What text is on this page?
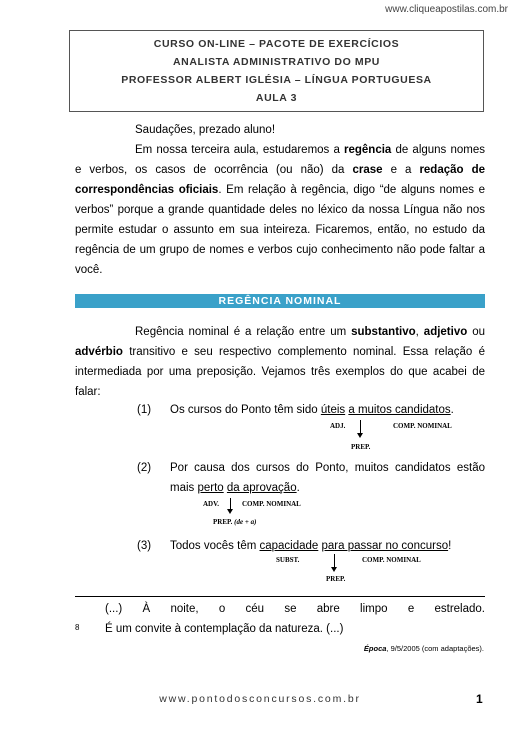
www.cliqueapostilas.com.br
CURSO ON-LINE – PACOTE DE EXERCÍCIOS
ANALISTA ADMINISTRATIVO DO MPU
PROFESSOR ALBERT IGLÉSIA – LÍNGUA PORTUGUESA
AULA 3
Saudações, prezado aluno!
Em nossa terceira aula, estudaremos a regência de alguns nomes e verbos, os casos de ocorrência (ou não) da crase e a redação de correspondências oficiais. Em relação à regência, digo “de alguns nomes e verbos” porque a grande quantidade deles no léxico da nossa Língua não nos permite estudar o assunto em sua inteireza. Ficaremos, então, no estudo da regência de um grupo de nomes e verbos cujo conhecimento não pode faltar a você.
REGÊNCIA NOMINAL
Regência nominal é a relação entre um substantivo, adjetivo ou advérbio transitivo e seu respectivo complemento nominal. Essa relação é intermediada por uma preposição. Vejamos três exemplos do que acabei de falar:
(1) Os cursos do Ponto têm sido úteis a muitos candidatos.
ADJ.	COMP. NOMINAL
PREP.
(2) Por causa dos cursos do Ponto, muitos candidatos estão mais perto da aprovação.
ADV.	COMP. NOMINAL
PREP. (de + a)
(3) Todos vocês têm capacidade para passar no concurso!
SUBST.	COMP. NOMINAL
PREP.
(...) À noite, o céu se abre limpo e estrelado.
8 É um convite à contemplação da natureza. (...)
Época, 9/5/2005 (com adaptações).
www.pontodosconcursos.com.br	1
